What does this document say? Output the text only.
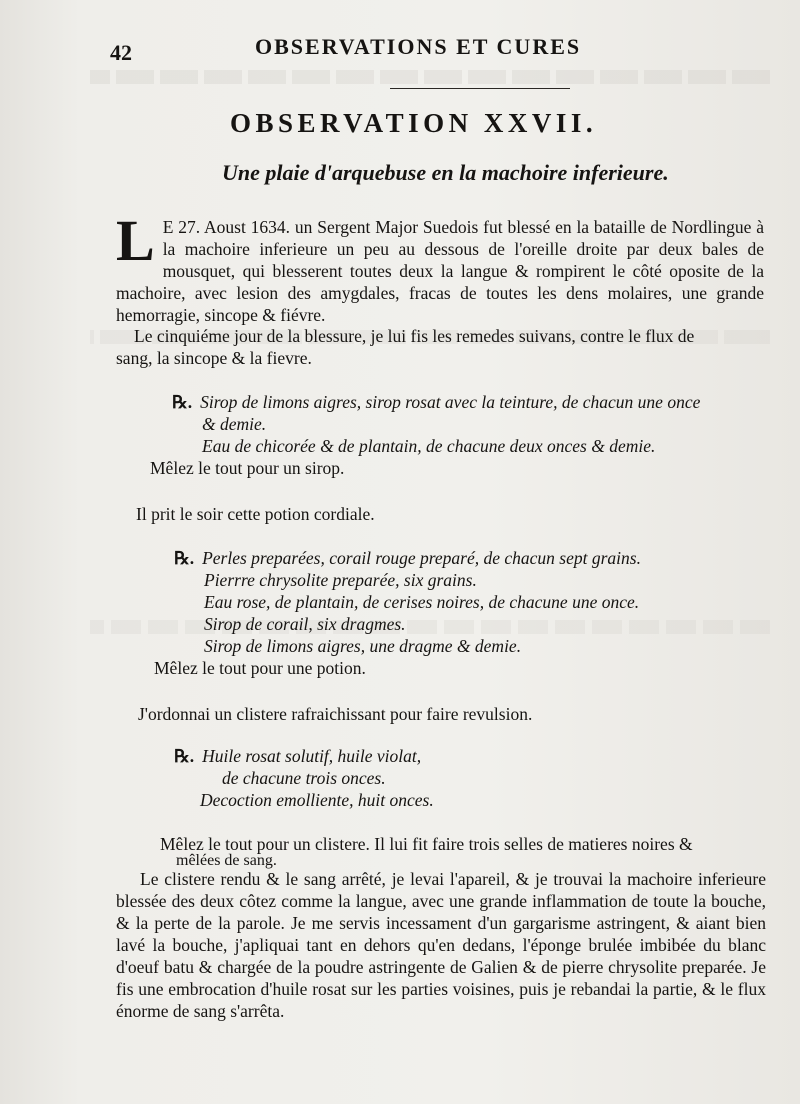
42	OBSERVATIONS ET CURES

OBSERVATION XXVII.

Une plaie d'arquebuse en la machoire inferieure.

L E 27. Aoust 1634. un Sergent Major Suedois fut blessé en la bataille de Nordlingue à la machoire inferieure un peu au dessous de l'oreille droite par deux bales de mousquet, qui blesserent toutes deux la langue & rompirent le côté oposite de la machoire, avec lesion des amygdales, fracas de toutes les dens molaires, une grande hemorragie, sincope & fiévre.

Le cinquiéme jour de la blessure, je lui fis les remedes suivans, contre le flux de

sang, la sincope & la fievre.

℞. Sirop de limons aigres, sirop rosat avec la teinture, de chacun une once

& demie.

Eau de chicorée & de plantain, de chacune deux onces & demie.

Mêlez le tout pour un sirop.

Il prit le soir cette potion cordiale.

℞. Perles preparées, corail rouge preparé, de chacun sept grains.

Pierrre chrysolite preparée, six grains.

Eau rose, de plantain, de cerises noires, de chacune une once.

Sirop de corail, six dragmes.

Sirop de limons aigres, une dragme & demie.

Mêlez le tout pour une potion.

J'ordonnai un clistere rafraichissant pour faire revulsion.

℞. Huile rosat solutif, huile violat,

de chacune trois onces.

Decoction emolliente, huit onces.

Mêlez le tout pour un clistere. Il lui fit faire trois selles de matieres noires &

mêlées de sang.

Le clistere rendu & le sang arrêté, je levai l'apareil, & je trouvai la machoire inferieure blessée des deux côtez comme la langue, avec une grande inflammation de toute la bouche, & la perte de la parole. Je me servis incessament d'un gargarisme astringent, & aiant bien lavé la bouche, j'apliquai tant en dehors qu'en dedans, l'éponge brulée imbibée du blanc d'oeuf batu & chargée de la poudre astringente de Galien & de pierre chrysolite preparée. Je fis une embrocation d'huile rosat sur les parties voisines, puis je rebandai la partie, & le flux énorme de sang s'arrêta.
